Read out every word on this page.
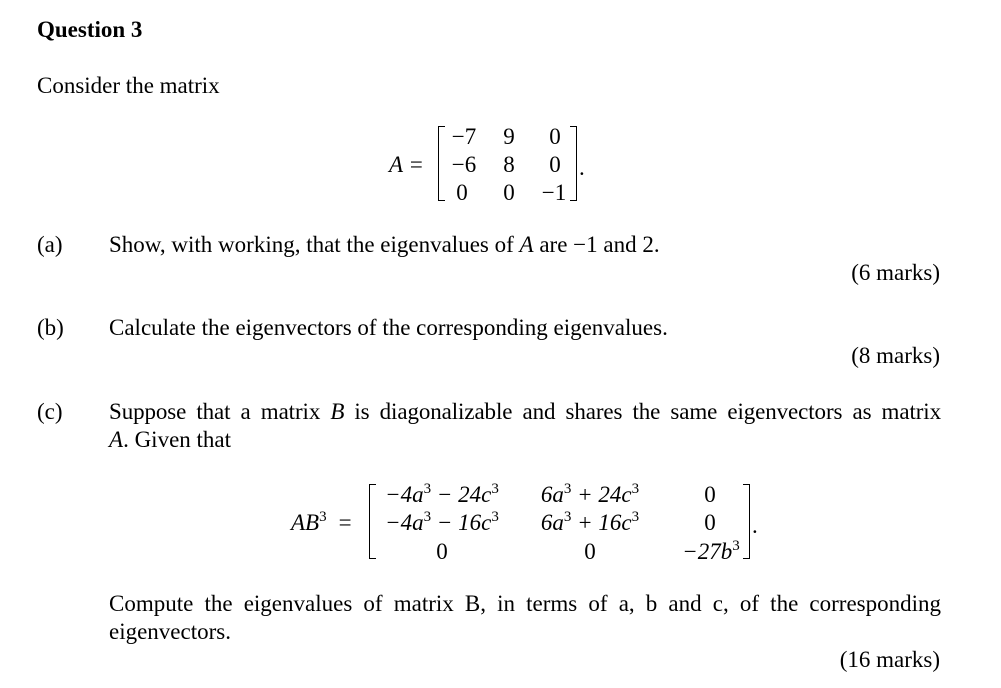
Question 3
Consider the matrix
A =
−7	9	0
−6	8	0
0	0	−1
.
(a) Show, with working, that the eigenvalues of A are −1 and 2.
(6 marks)
(b) Calculate the eigenvectors of the corresponding eigenvalues.
(8 marks)
(c) Suppose that a matrix B is diagonalizable and shares the same eigenvectors as matrix
A. Given that
$AB^3$ =
$-4a^3 - 24c^3$	$6a^3 + 24c^3$	0
$-4a^3 - 16c^3$	$6a^3 + 16c^3$	0
0	0	$-27b^3$
.
Compute the eigenvalues of matrix B, in terms of a, b and c, of the corresponding
eigenvectors.
(16 marks)
